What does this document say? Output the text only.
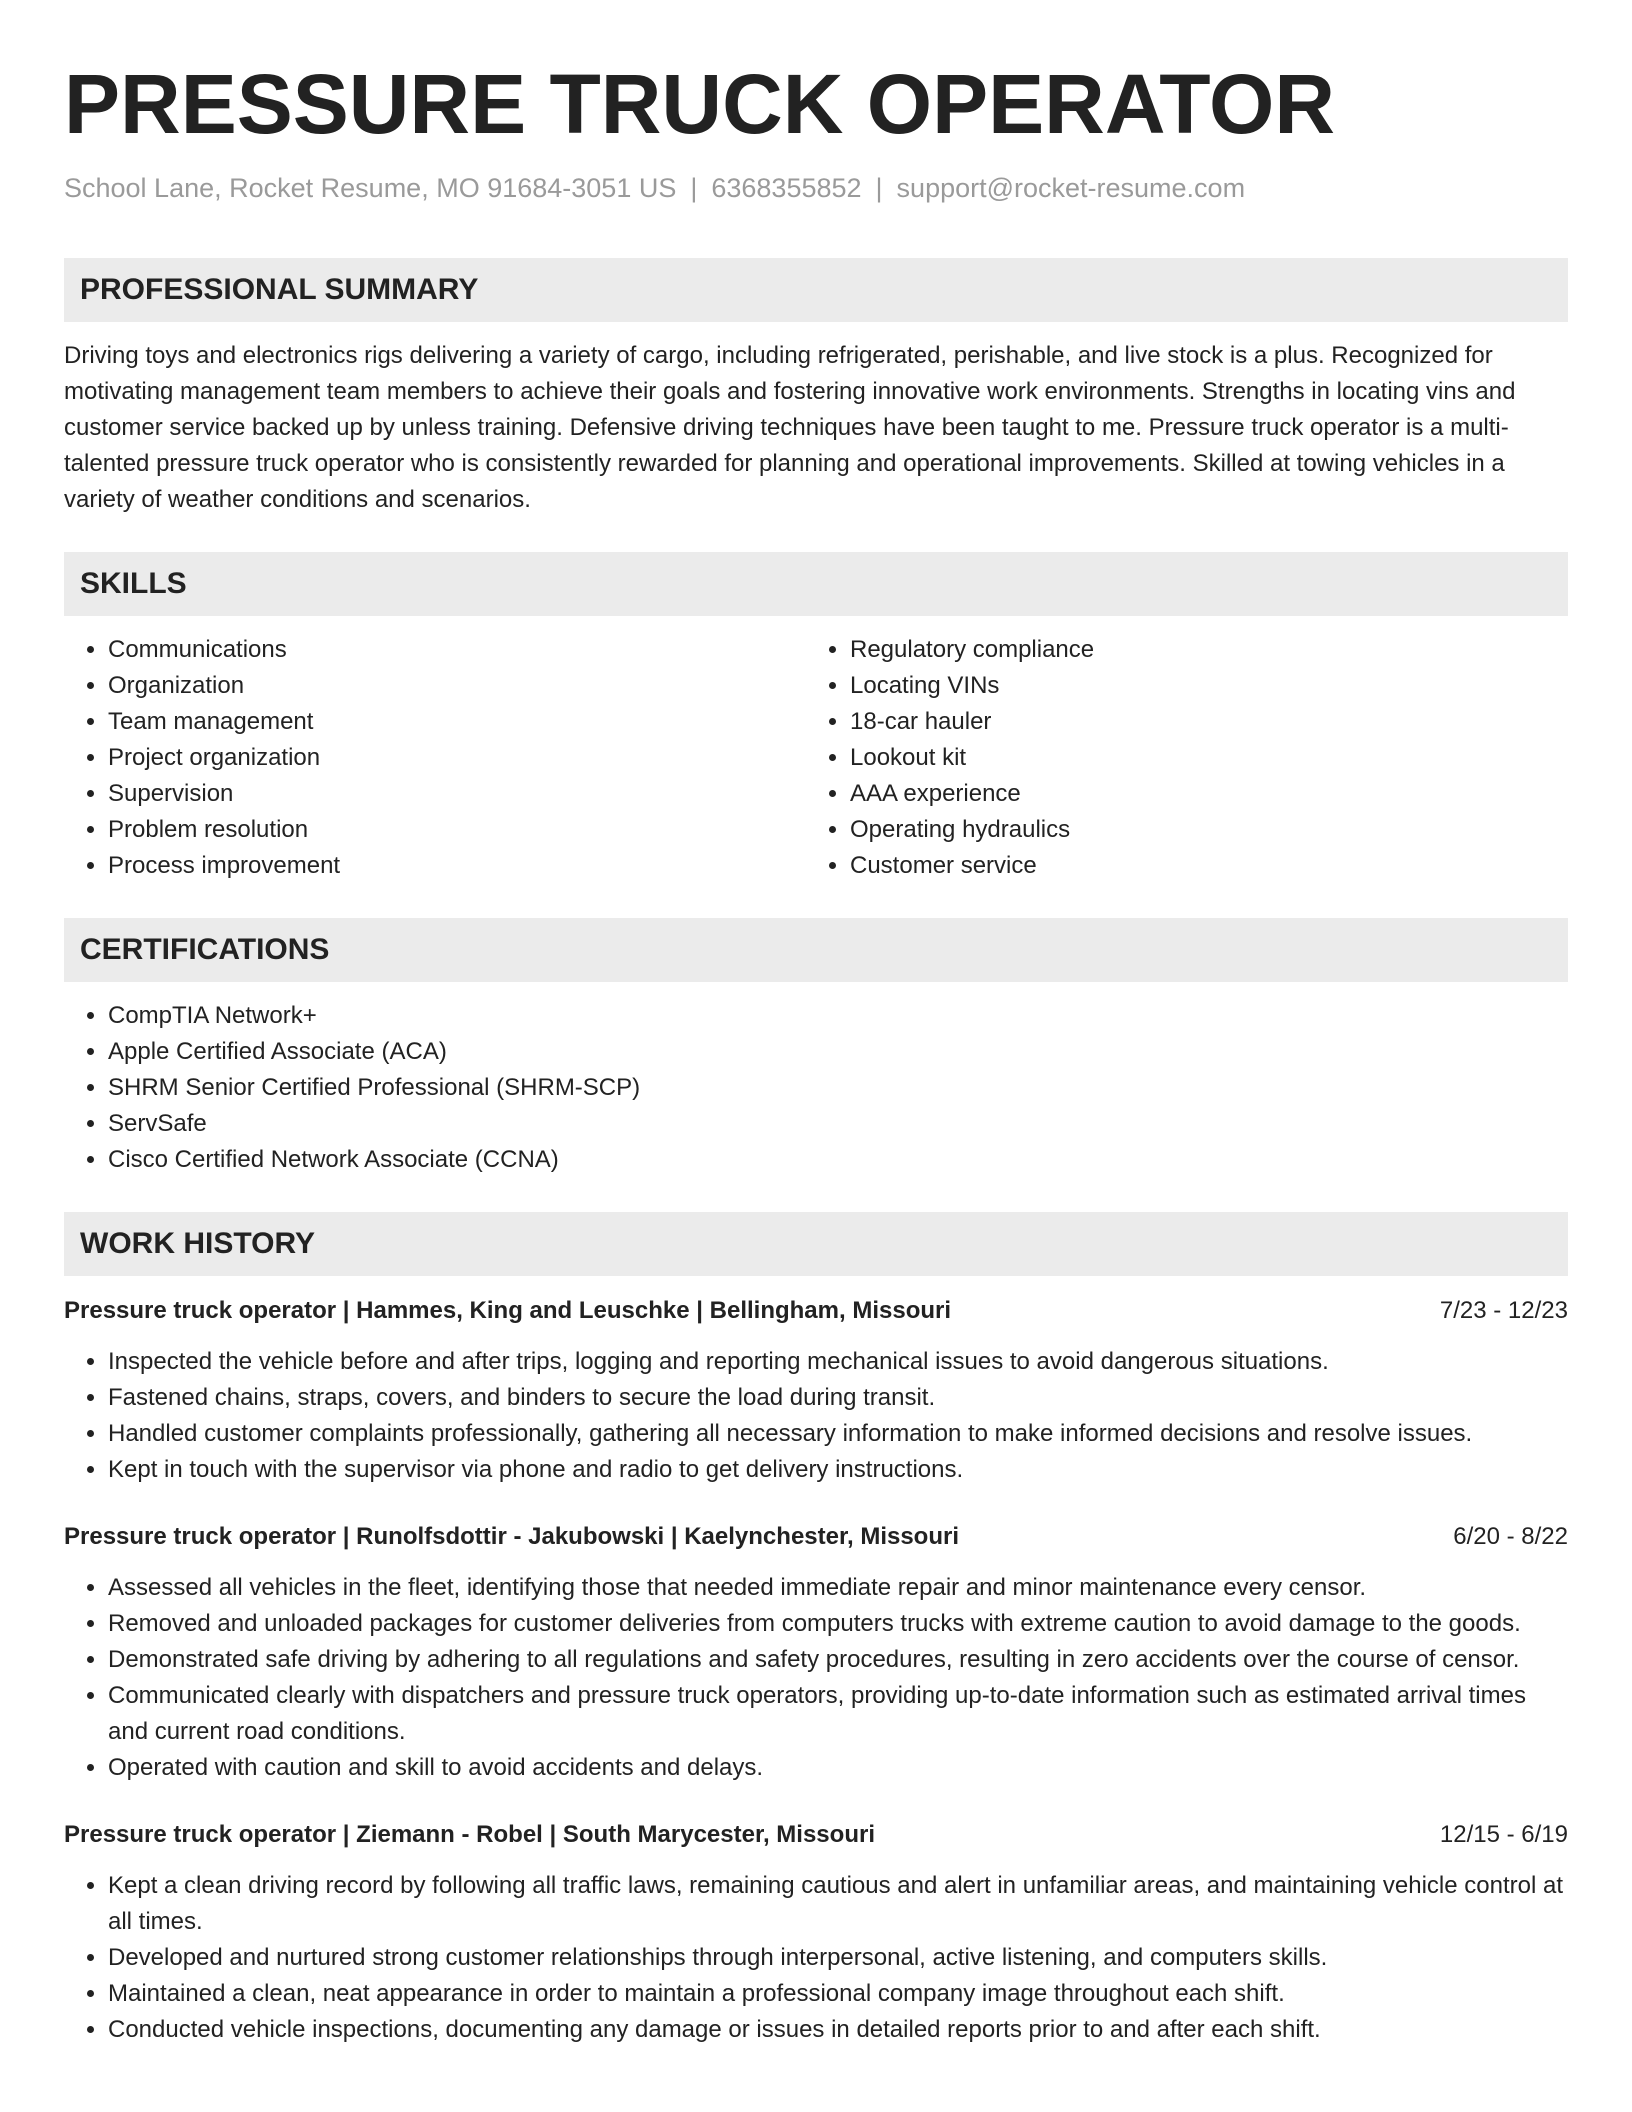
PRESSURE TRUCK OPERATOR
School Lane, Rocket Resume, MO 91684-3051 US | 6368355852 | support@rocket-resume.com
PROFESSIONAL SUMMARY
Driving toys and electronics rigs delivering a variety of cargo, including refrigerated, perishable, and live stock is a plus. Recognized for motivating management team members to achieve their goals and fostering innovative work environments. Strengths in locating vins and customer service backed up by unless training. Defensive driving techniques have been taught to me. Pressure truck operator is a multi-talented pressure truck operator who is consistently rewarded for planning and operational improvements. Skilled at towing vehicles in a variety of weather conditions and scenarios.
SKILLS
• Communications
• Organization
• Team management
• Project organization
• Supervision
• Problem resolution
• Process improvement
• Regulatory compliance
• Locating VINs
• 18-car hauler
• Lookout kit
• AAA experience
• Operating hydraulics
• Customer service
CERTIFICATIONS
• CompTIA Network+
• Apple Certified Associate (ACA)
• SHRM Senior Certified Professional (SHRM-SCP)
• ServSafe
• Cisco Certified Network Associate (CCNA)
WORK HISTORY
Pressure truck operator | Hammes, King and Leuschke | Bellingham, Missouri	7/23 - 12/23
• Inspected the vehicle before and after trips, logging and reporting mechanical issues to avoid dangerous situations.
• Fastened chains, straps, covers, and binders to secure the load during transit.
• Handled customer complaints professionally, gathering all necessary information to make informed decisions and resolve issues.
• Kept in touch with the supervisor via phone and radio to get delivery instructions.
Pressure truck operator | Runolfsdottir - Jakubowski | Kaelynchester, Missouri	6/20 - 8/22
• Assessed all vehicles in the fleet, identifying those that needed immediate repair and minor maintenance every censor.
• Removed and unloaded packages for customer deliveries from computers trucks with extreme caution to avoid damage to the goods.
• Demonstrated safe driving by adhering to all regulations and safety procedures, resulting in zero accidents over the course of censor.
• Communicated clearly with dispatchers and pressure truck operators, providing up-to-date information such as estimated arrival times and current road conditions.
• Operated with caution and skill to avoid accidents and delays.
Pressure truck operator | Ziemann - Robel | South Marycester, Missouri	12/15 - 6/19
• Kept a clean driving record by following all traffic laws, remaining cautious and alert in unfamiliar areas, and maintaining vehicle control at all times.
• Developed and nurtured strong customer relationships through interpersonal, active listening, and computers skills.
• Maintained a clean, neat appearance in order to maintain a professional company image throughout each shift.
• Conducted vehicle inspections, documenting any damage or issues in detailed reports prior to and after each shift.
